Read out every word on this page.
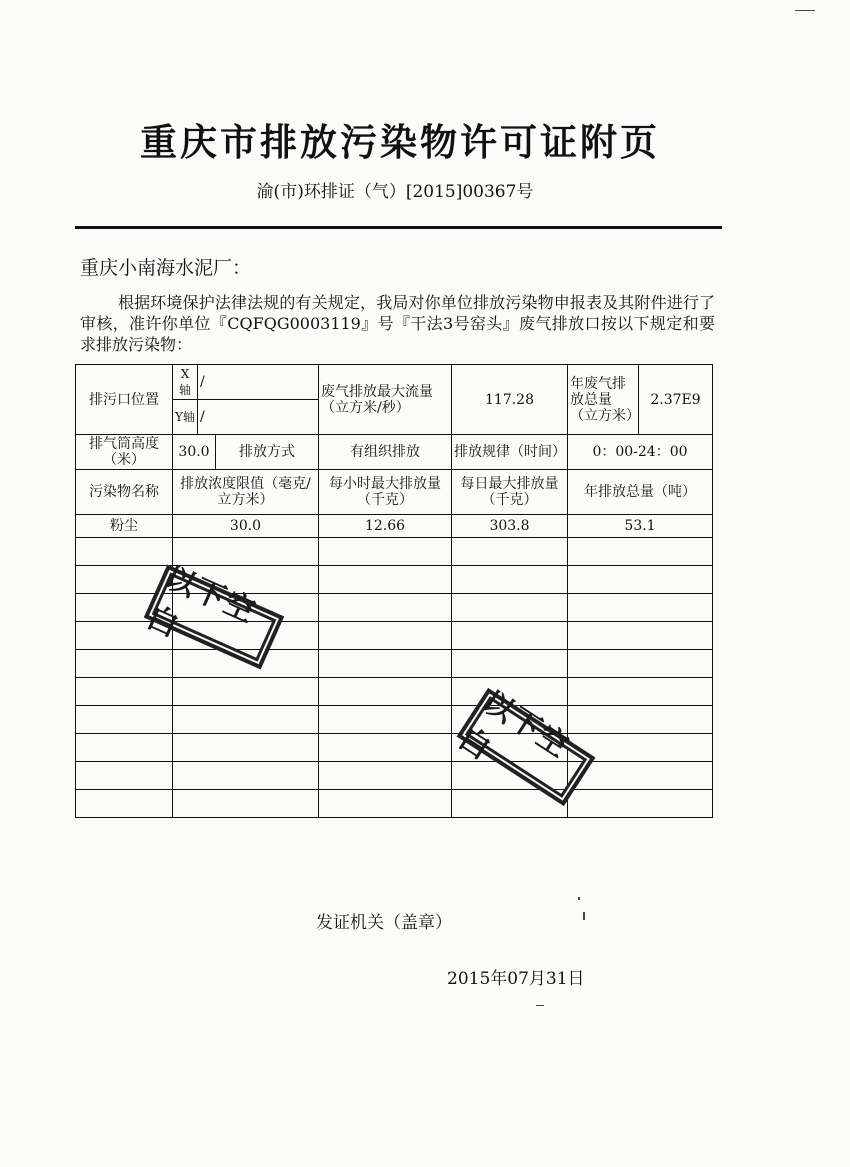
重庆市排放污染物许可证附页
渝(市)环排证（气）[2015]00367号
重庆小南海水泥厂：
根据环境保护法律法规的有关规定，我局对你单位排放污染物申报表及其附件进行了审核，准许你单位『CQFQG0003119』号『干法3号窑头』废气排放口按以下规定和要求排放污染物：
排污口位置	X轴	/		废气排放最大流量（立方米/秒）	117.28	年废气排放总量（立方米）	2.37E9
	Y轴	/					
排气筒高度（米）	30.0		排放方式	有组织排放	排放规律（时间）	0：00-24：00	
污染物名称	排放浓度限值（毫克/立方米）			每小时最大排放量（千克）	每日最大排放量（千克）	年排放总量（吨）	
粉尘	30.0			12.66	303.8	53.1	

以下空白
以下空白
发证机关（盖章）
2015年07月31日
